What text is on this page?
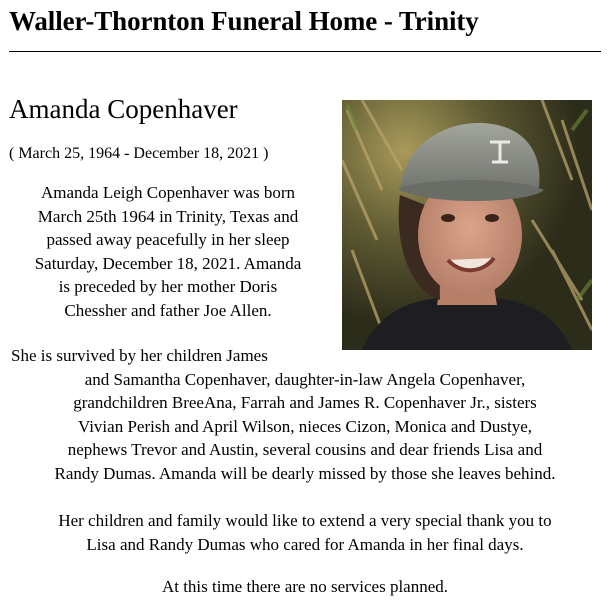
Waller-Thornton Funeral Home - Trinity
Amanda Copenhaver
( March 25, 1964 - December 18, 2021 )

Amanda Leigh Copenhaver was born
March 25th 1964 in Trinity, Texas and
passed away peacefully in her sleep
Saturday, December 18, 2021. Amanda
is preceded by her mother Doris
Chessher and father Joe Allen.

She is survived by her children James
and Samantha Copenhaver, daughter-in-law Angela Copenhaver,
grandchildren BreeAna, Farrah and James R. Copenhaver Jr., sisters
Vivian Perish and April Wilson, nieces Cizon, Monica and Dustye,
nephews Trevor and Austin, several cousins and dear friends Lisa and
Randy Dumas. Amanda will be dearly missed by those she leaves behind.

Her children and family would like to extend a very special thank you to
Lisa and Randy Dumas who cared for Amanda in her final days.

At this time there are no services planned.
